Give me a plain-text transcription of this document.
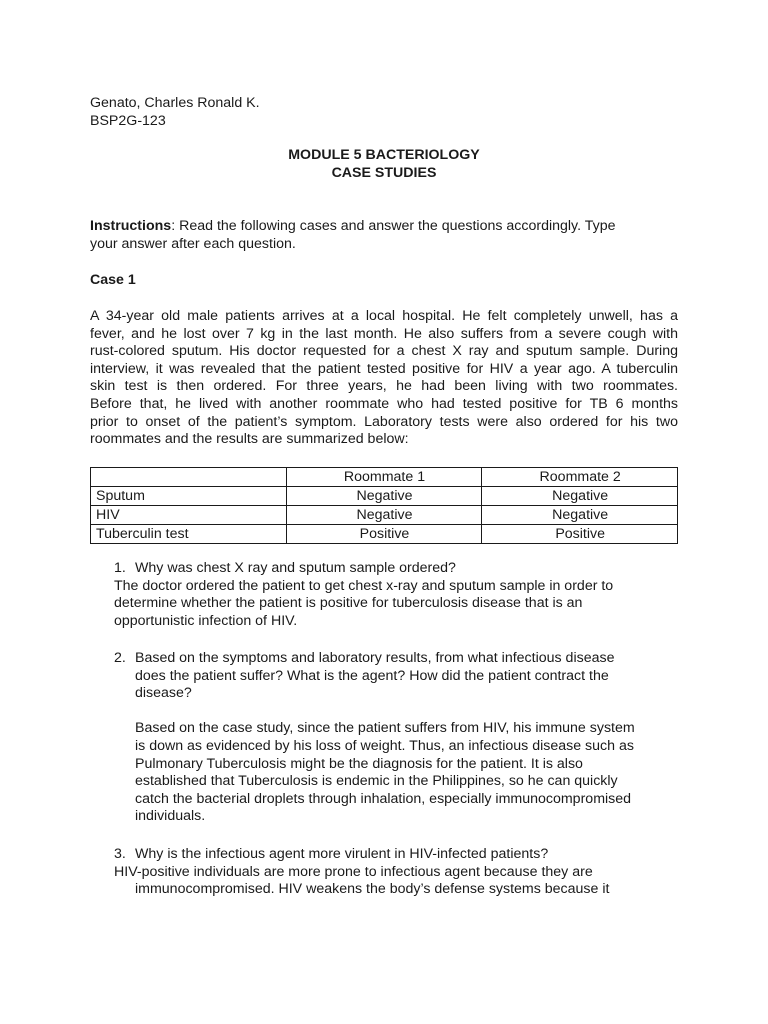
Genato, Charles Ronald K.
BSP2G-123
MODULE 5 BACTERIOLOGY
CASE STUDIES
Instructions: Read the following cases and answer the questions accordingly. Type
your answer after each question.
Case 1
A 34-year old male patients arrives at a local hospital. He felt completely unwell, has a
fever, and he lost over 7 kg in the last month. He also suffers from a severe cough with
rust-colored sputum. His doctor requested for a chest X ray and sputum sample. During
interview, it was revealed that the patient tested positive for HIV a year ago. A tuberculin
skin test is then ordered. For three years, he had been living with two roommates.
Before that, he lived with another roommate who had tested positive for TB 6 months
prior to onset of the patient’s symptom. Laboratory tests were also ordered for his two
roommates and the results are summarized below:
	Roommate 1	Roommate 2
Sputum	Negative	Negative
HIV	Negative	Negative
Tuberculin test	Positive	Positive
1. Why was chest X ray and sputum sample ordered?
The doctor ordered the patient to get chest x-ray and sputum sample in order to
determine whether the patient is positive for tuberculosis disease that is an
opportunistic infection of HIV.
2. Based on the symptoms and laboratory results, from what infectious disease
does the patient suffer? What is the agent? How did the patient contract the
disease?
Based on the case study, since the patient suffers from HIV, his immune system
is down as evidenced by his loss of weight. Thus, an infectious disease such as
Pulmonary Tuberculosis might be the diagnosis for the patient. It is also
established that Tuberculosis is endemic in the Philippines, so he can quickly
catch the bacterial droplets through inhalation, especially immunocompromised
individuals.
3. Why is the infectious agent more virulent in HIV-infected patients?
HIV-positive individuals are more prone to infectious agent because they are
immunocompromised. HIV weakens the body’s defense systems because it
